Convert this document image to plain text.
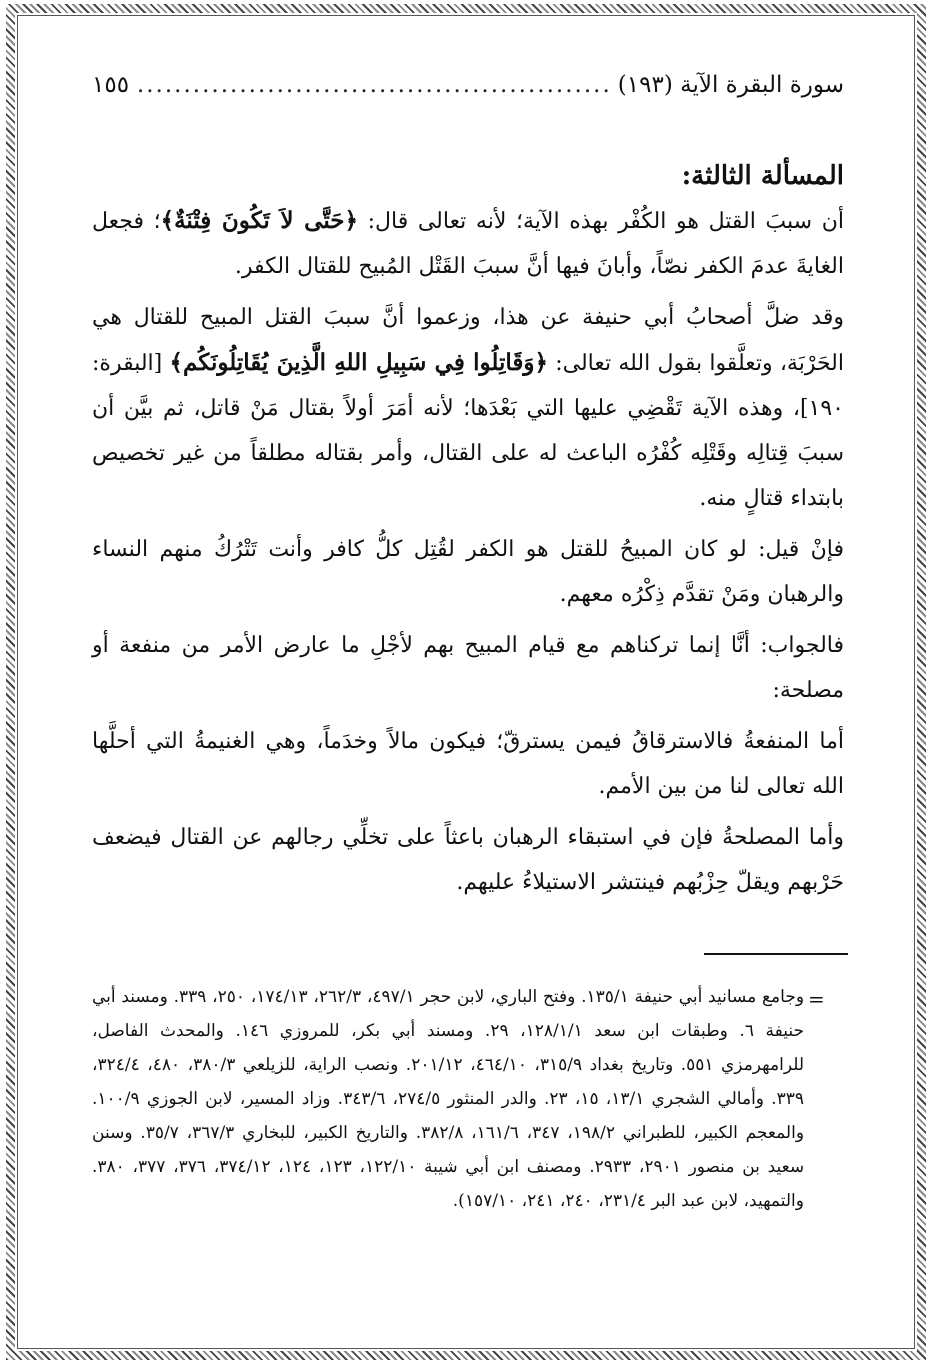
سورة البقرة الآية (١٩٣)
.....
١٥٥
المسألة الثالثة:

أن سببَ القتل هو الكُفْر بهذه الآية؛ لأنه تعالى قال: ﴿حَتَّى لاَ تَكُونَ فِتْنَةٌ﴾؛ فجعل الغايةَ عدمَ الكفر نصّاً، وأبانَ فيها أنَّ سببَ القَتْل المُبيح للقتال الكفر.

وقد ضلَّ أصحابُ أبي حنيفة عن هذا، وزعموا أنَّ سببَ القتل المبيح للقتال هي الحَرْبَة، وتعلَّقوا بقول الله تعالى: ﴿وَقَاتِلُوا فِي سَبِيلِ اللهِ الَّذِينَ يُقَاتِلُونَكُم﴾ [البقرة: ١٩٠]، وهذه الآية تَقْضِي عليها التي بَعْدَها؛ لأنه أمَرَ أولاً بقتال مَنْ قاتل، ثم بيَّن أن سببَ قِتالِه وقَتْلِه كُفْرُه الباعث له على القتال، وأمر بقتاله مطلقاً من غير تخصيص بابتداء قتالٍ منه.

فإنْ قيل: لو كان المبيحُ للقتل هو الكفر لقُتِل كلُّ كافر وأنت تَتْرُكُ منهم النساء والرهبان ومَنْ تقدَّم ذِكْرُه معهم.

فالجواب: أنَّا إنما تركناهم مع قيام المبيح بهم لأجْلِ ما عارض الأمر من منفعة أو مصلحة:

أما المنفعةُ فالاسترقاقُ فيمن يسترقّ؛ فيكون مالاً وخدَماً، وهي الغنيمةُ التي أحلَّها الله تعالى لنا من بين الأمم.

وأما المصلحةُ فإن في استبقاء الرهبان باعثاً على تخلِّي رجالهم عن القتال فيضعف حَرْبهم ويقلّ حِزْبُهم فينتشر الاستيلاءُ عليهم.

=
وجامع مسانيد أبي حنيفة ١٣٥/١. وفتح الباري، لابن حجر ٤٩٧/١، ٢٦٢/٣، ١٧٤/١٣، ٢٥٠، ٣٣٩. ومسند أبي حنيفة ٦. وطبقات ابن سعد ١٢٨/١/١، ٢٩. ومسند أبي بكر، للمروزي ١٤٦. والمحدث الفاصل، للرامهرمزي ٥٥١. وتاريخ بغداد ٣١٥/٩، ٤٦٤/١٠، ٢٠١/١٢. ونصب الراية، للزيلعي ٣٨٠/٣، ٤٨٠، ٣٢٤/٤، ٣٣٩. وأمالي الشجري ١٣/١، ١٥، ٢٣. والدر المنثور ٢٧٤/٥، ٣٤٣/٦. وزاد المسير، لابن الجوزي ١٠٠/٩. والمعجم الكبير، للطبراني ١٩٨/٢، ٣٤٧، ١٦١/٦، ٣٨٢/٨. والتاريخ الكبير، للبخاري ٣٦٧/٣، ٣٥/٧. وسنن سعيد بن منصور ٢٩٠١، ٢٩٣٣. ومصنف ابن أبي شيبة ١٢٢/١٠، ١٢٣، ١٢٤، ٣٧٤/١٢، ٣٧٦، ٣٧٧، ٣٨٠. والتمهيد، لابن عبد البر ٢٣١/٤، ٢٤٠، ٢٤١، ١٥٧/١٠).
